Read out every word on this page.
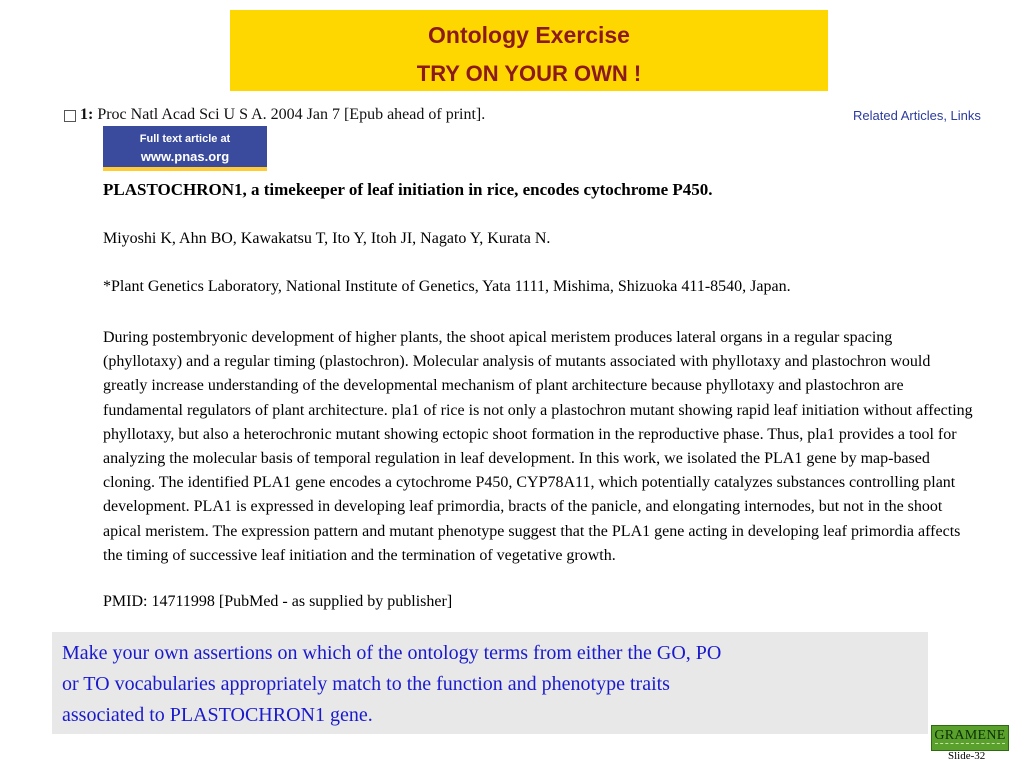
Ontology Exercise
TRY ON YOUR OWN !
1: Proc Natl Acad Sci U S A. 2004 Jan 7 [Epub ahead of print].	Related Articles, Links
Full text article at
www.pnas.org
PLASTOCHRON1, a timekeeper of leaf initiation in rice, encodes cytochrome P450.
Miyoshi K, Ahn BO, Kawakatsu T, Ito Y, Itoh JI, Nagato Y, Kurata N.
*Plant Genetics Laboratory, National Institute of Genetics, Yata 1111, Mishima, Shizuoka 411-8540, Japan.
During postembryonic development of higher plants, the shoot apical meristem produces lateral organs in a regular spacing
(phyllotaxy) and a regular timing (plastochron). Molecular analysis of mutants associated with phyllotaxy and plastochron would
greatly increase understanding of the developmental mechanism of plant architecture because phyllotaxy and plastochron are
fundamental regulators of plant architecture. pla1 of rice is not only a plastochron mutant showing rapid leaf initiation without affecting
phyllotaxy, but also a heterochronic mutant showing ectopic shoot formation in the reproductive phase. Thus, pla1 provides a tool for
analyzing the molecular basis of temporal regulation in leaf development. In this work, we isolated the PLA1 gene by map-based
cloning. The identified PLA1 gene encodes a cytochrome P450, CYP78A11, which potentially catalyzes substances controlling plant
development. PLA1 is expressed in developing leaf primordia, bracts of the panicle, and elongating internodes, but not in the shoot
apical meristem. The expression pattern and mutant phenotype suggest that the PLA1 gene acting in developing leaf primordia affects
the timing of successive leaf initiation and the termination of vegetative growth.
PMID: 14711998 [PubMed - as supplied by publisher]
Make your own assertions on which of the ontology terms from either the GO, PO
or TO vocabularies appropriately match to the function and phenotype traits
associated to PLASTOCHRON1 gene.
GRAMENE
Slide-32
